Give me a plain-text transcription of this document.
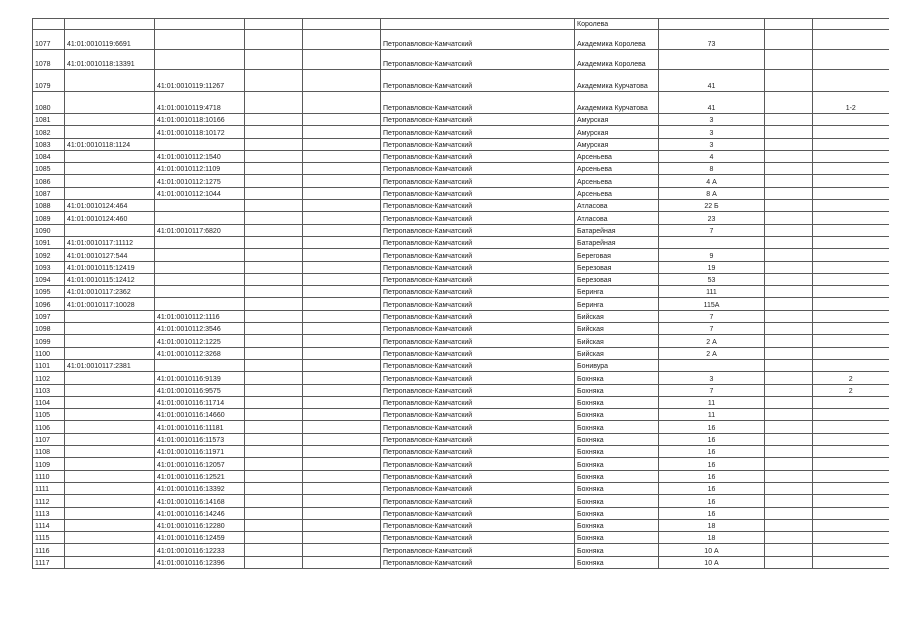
						Королева			
1077	41:01:0010119:6691				Петропавловск-Камчатский	Академика Королева	73		
1078	41:01:0010118:13391				Петропавловск-Камчатский	Академика Королева			
1079		41:01:0010119:11267			Петропавловск-Камчатский	Академика Курчатова	41		
1080		41:01:0010119:4718			Петропавловск-Камчатский	Академика Курчатова	41		1-2
1081		41:01:0010118:10166			Петропавловск-Камчатский	Амурская	3		
1082		41:01:0010118:10172			Петропавловск-Камчатский	Амурская	3		
1083	41:01:0010118:1124				Петропавловск-Камчатский	Амурская	3		
1084		41:01:0010112:1540			Петропавловск-Камчатский	Арсеньева	4		
1085		41:01:0010112:1109			Петропавловск-Камчатский	Арсеньева	8		
1086		41:01:0010112:1275			Петропавловск-Камчатский	Арсеньева	4 А		
1087		41:01:0010112:1044			Петропавловск-Камчатский	Арсеньева	8 А		
1088	41:01:0010124:464				Петропавловск-Камчатский	Атласова	22 Б		
1089	41:01:0010124:460				Петропавловск-Камчатский	Атласова	23		
1090		41:01:0010117:6820			Петропавловск-Камчатский	Батарейная	7		
1091	41:01:0010117:11112				Петропавловск-Камчатский	Батарейная			
1092	41:01:0010127:544				Петропавловск-Камчатский	Береговая	9		
1093	41:01:0010115:12419				Петропавловск-Камчатский	Березовая	19		
1094	41:01:0010115:12412				Петропавловск-Камчатский	Березовая	53		
1095	41:01:0010117:2362				Петропавловск-Камчатский	Беринга	111		
1096	41:01:0010117:10028				Петропавловск-Камчатский	Беринга	115А		
1097		41:01:0010112:1116			Петропавловск-Камчатский	Бийская	7		
1098		41:01:0010112:3546			Петропавловск-Камчатский	Бийская	7		
1099		41:01:0010112:1225			Петропавловск-Камчатский	Бийская	2 А		
1100		41:01:0010112:3268			Петропавловск-Камчатский	Бийская	2 А		
1101	41:01:0010117:2381				Петропавловск-Камчатский	Бонивура			
1102		41:01:0010116:9139			Петропавловск-Камчатский	Бохняка	3		2
1103		41:01:0010116:9575			Петропавловск-Камчатский	Бохняка	7		2
1104		41:01:0010116:11714			Петропавловск-Камчатский	Бохняка	11		
1105		41:01:0010116:14660			Петропавловск-Камчатский	Бохняка	11		
1106		41:01:0010116:11181			Петропавловск-Камчатский	Бохняка	16		
1107		41:01:0010116:11573			Петропавловск-Камчатский	Бохняка	16		
1108		41:01:0010116:11971			Петропавловск-Камчатский	Бохняка	16		
1109		41:01:0010116:12057			Петропавловск-Камчатский	Бохняка	16		
1110		41:01:0010116:12521			Петропавловск-Камчатский	Бохняка	16		
1111		41:01:0010116:13392			Петропавловск-Камчатский	Бохняка	16		
1112		41:01:0010116:14168			Петропавловск-Камчатский	Бохняка	16		
1113		41:01:0010116:14246			Петропавловск-Камчатский	Бохняка	16		
1114		41:01:0010116:12280			Петропавловск-Камчатский	Бохняка	18		
1115		41:01:0010116:12459			Петропавловск-Камчатский	Бохняка	18		
1116		41:01:0010116:12233			Петропавловск-Камчатский	Бохняка	10 А		
1117		41:01:0010116:12396			Петропавловск-Камчатский	Бохняка	10 А		
